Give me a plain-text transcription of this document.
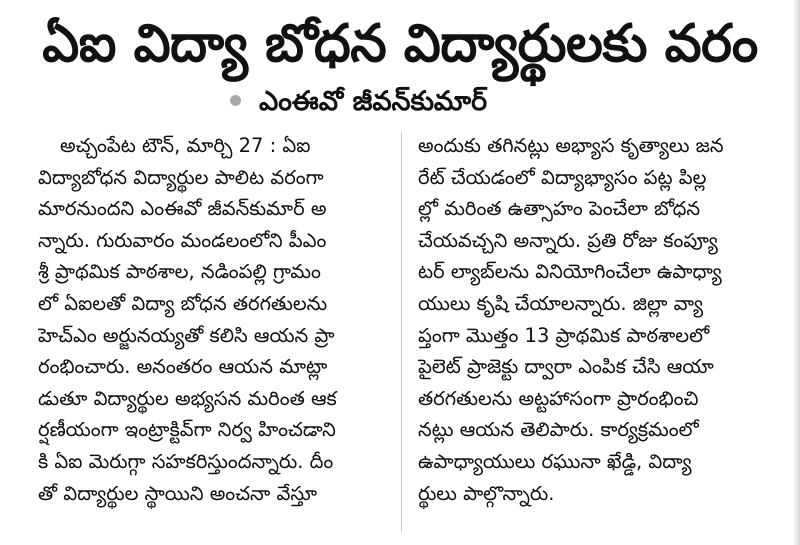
ఏఐ విద్యా బోధన విద్యార్థులకు వరం
ఎంఈవో జీవన్‌కుమార్
అచ్చంపేట టౌన్, మార్చి 27 : ఏఐ
విద్యాబోధన విద్యార్థుల పాలిట వరంగా
మారనుందని ఎంఈవో జీవన్‌కుమార్ అ
న్నారు. గురువారం మండలంలోని పీఎం
శ్రీ ప్రాథమిక పాఠశాల, నడింపల్లి గ్రామం
లో ఏఐలతో విద్యా బోధన తరగతులను
హెచ్‌ఎం అర్జునయ్యతో కలిసి ఆయన ప్రా
రంభించారు. అనంతరం ఆయన మాట్లా
డుతూ విద్యార్థుల అభ్యసన మరింత ఆక
ర్షణీయంగా ఇంట్రాక్టివ్‌గా నిర్వ హించడాని
కి ఏఐ మెరుగ్గా సహకరిస్తుందన్నారు. దీం
తో విద్యార్థుల స్థాయిని అంచనా వేస్తూ
అందుకు తగినట్లు అభ్యాస కృత్యాలు జన
రేట్ చేయడంలో విద్యాభ్యాసం పట్ల పిల్ల
ల్లో మరింత ఉత్సాహం పెంచేలా బోధన
చేయవచ్చని అన్నారు. ప్రతి రోజు కంప్యూ
టర్ ల్యాబ్‌లను వినియోగించేలా ఉపాధ్యా
యులు కృషి చేయాలన్నారు. జిల్లా వ్యా
ప్తంగా మొత్తం 13 ప్రాథమిక పాఠశాలలో
పైలెట్ ప్రాజెక్టు ద్వారా ఎంపిక చేసి ఆయా
తరగతులను అట్టహాసంగా ప్రారంభించి
నట్లు ఆయన తెలిపారు. కార్యక్రమంలో
ఉపాధ్యాయులు రఘునా ఖేడ్డి, విద్యా
ర్థులు పాల్గొన్నారు.
